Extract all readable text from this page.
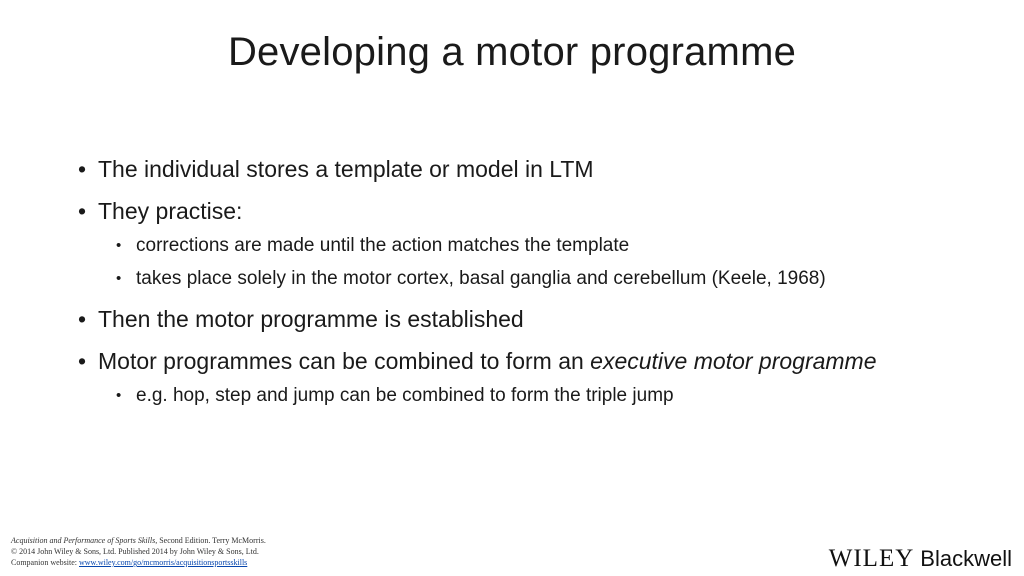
Developing a motor programme
• The individual stores a template or model in LTM
• They practise:
• corrections are made until the action matches the template
• takes place solely in the motor cortex, basal ganglia and cerebellum (Keele, 1968)
• Then the motor programme is established
• Motor programmes can be combined to form an executive motor programme
• e.g. hop, step and jump can be combined to form the triple jump
Acquisition and Performance of Sports Skills, Second Edition. Terry McMorris.
© 2014 John Wiley & Sons, Ltd. Published 2014 by John Wiley & Sons, Ltd.
Companion website: www.wiley.com/go/mcmorris/acquisitionsportsskills	WILEY Blackwell
